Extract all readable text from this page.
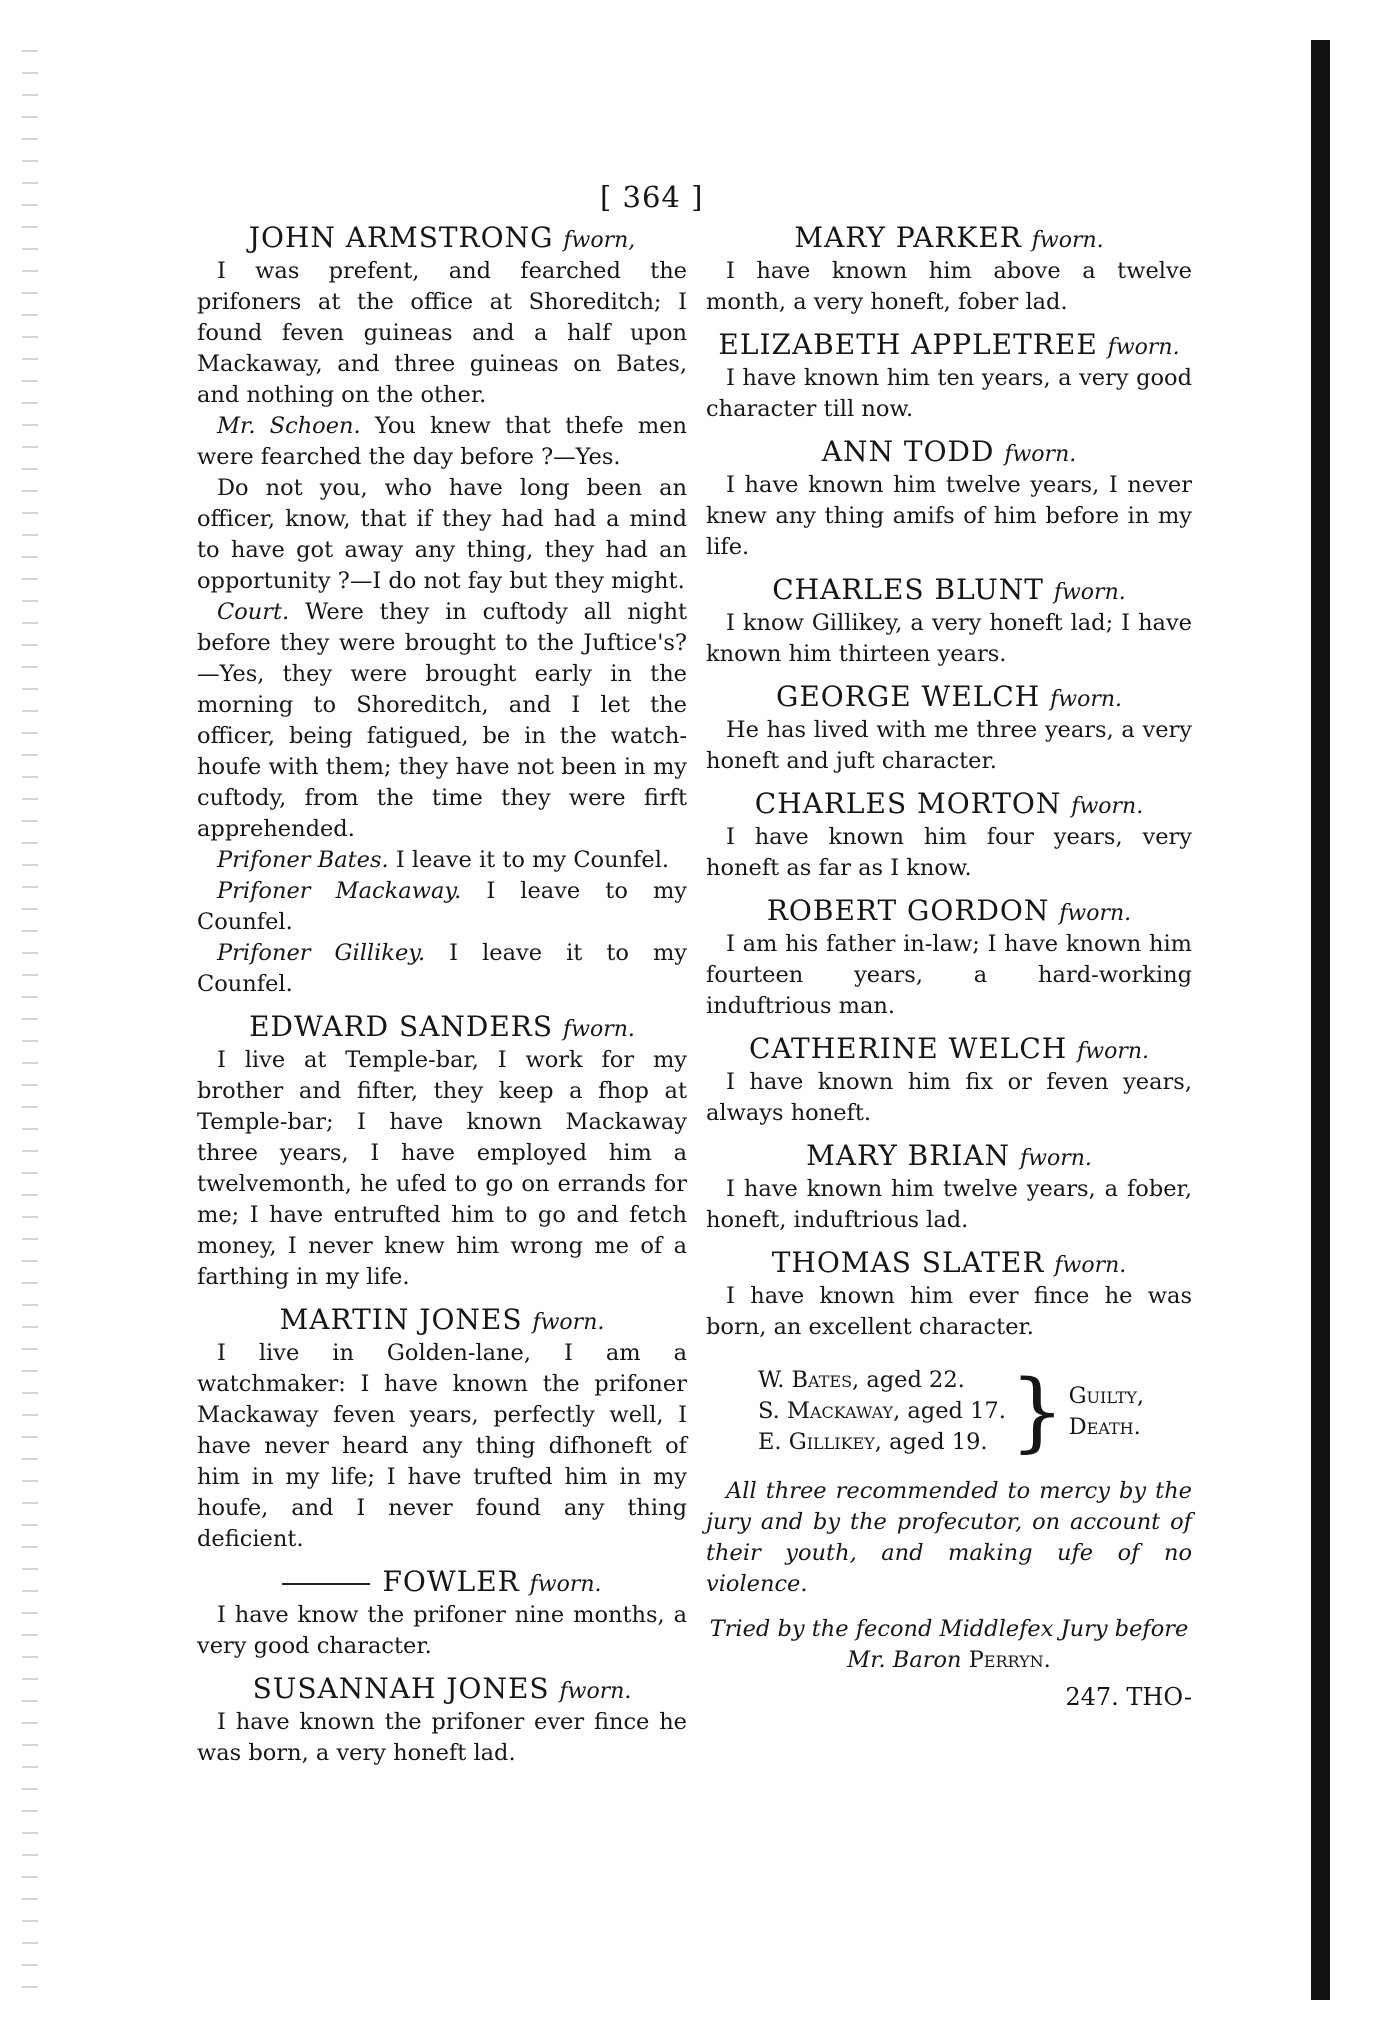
[ 364 ]
JOHN ARMSTRONG fworn,

I was prefent, and fearched the prifoners at the office at Shoreditch; I found feven guineas and a half upon Mackaway, and three guineas on Bates, and nothing on the other.

Mr. Schoen. You knew that thefe men were fearched the day before ?—Yes.

Do not you, who have long been an officer, know, that if they had had a mind to have got away any thing, they had an opportunity ?—I do not fay but they might.

Court. Were they in cuftody all night before they were brought to the Juftice's? —Yes, they were brought early in the morning to Shoreditch, and I let the officer, being fatigued, be in the watch-houfe with them; they have not been in my cuftody, from the time they were firft apprehended.

Prifoner Bates. I leave it to my Counfel.

Prifoner Mackaway. I leave to my Counfel.

Prifoner Gillikey. I leave it to my Counfel.

EDWARD SANDERS fworn.

I live at Temple-bar, I work for my brother and fifter, they keep a fhop at Temple-bar; I have known Mackaway three years, I have employed him a twelvemonth, he ufed to go on errands for me; I have entrufted him to go and fetch money, I never knew him wrong me of a farthing in my life.

MARTIN JONES fworn.

I live in Golden-lane, I am a watchmaker: I have known the prifoner Mackaway feven years, perfectly well, I have never heard any thing difhoneft of him in my life; I have trufted him in my houfe, and I never found any thing deficient.

FOWLER fworn.

I have know the prifoner nine months, a very good character.

SUSANNAH JONES fworn.

I have known the prifoner ever fince he was born, a very honeft lad.

MARY PARKER fworn.

I have known him above a twelve month, a very honeft, fober lad.

ELIZABETH APPLETREE fworn.

I have known him ten years, a very good character till now.

ANN TODD fworn.

I have known him twelve years, I never knew any thing amifs of him before in my life.

CHARLES BLUNT fworn.

I know Gillikey, a very honeft lad; I have known him thirteen years.

GEORGE WELCH fworn.

He has lived with me three years, a very honeft and juft character.

CHARLES MORTON fworn.

I have known him four years, very honeft as far as I know.

ROBERT GORDON fworn.

I am his father in-law; I have known him fourteen years, a hard-working induftrious man.

CATHERINE WELCH fworn.

I have known him fix or feven years, always honeft.

MARY BRIAN fworn.

I have known him twelve years, a fober, honeft, induftrious lad.

THOMAS SLATER fworn.

I have known him ever fince he was born, an excellent character.

W. Bates, aged 22.
S. Mackaway, aged 17.
E. Gillikey, aged 19. } Guilty,
Death.
All three recommended to mercy by the jury and by the profecutor, on account of their youth, and making ufe of no violence.
Tried by the fecond Middlefex Jury before
Mr. Baron Perryn.
247. THO-
